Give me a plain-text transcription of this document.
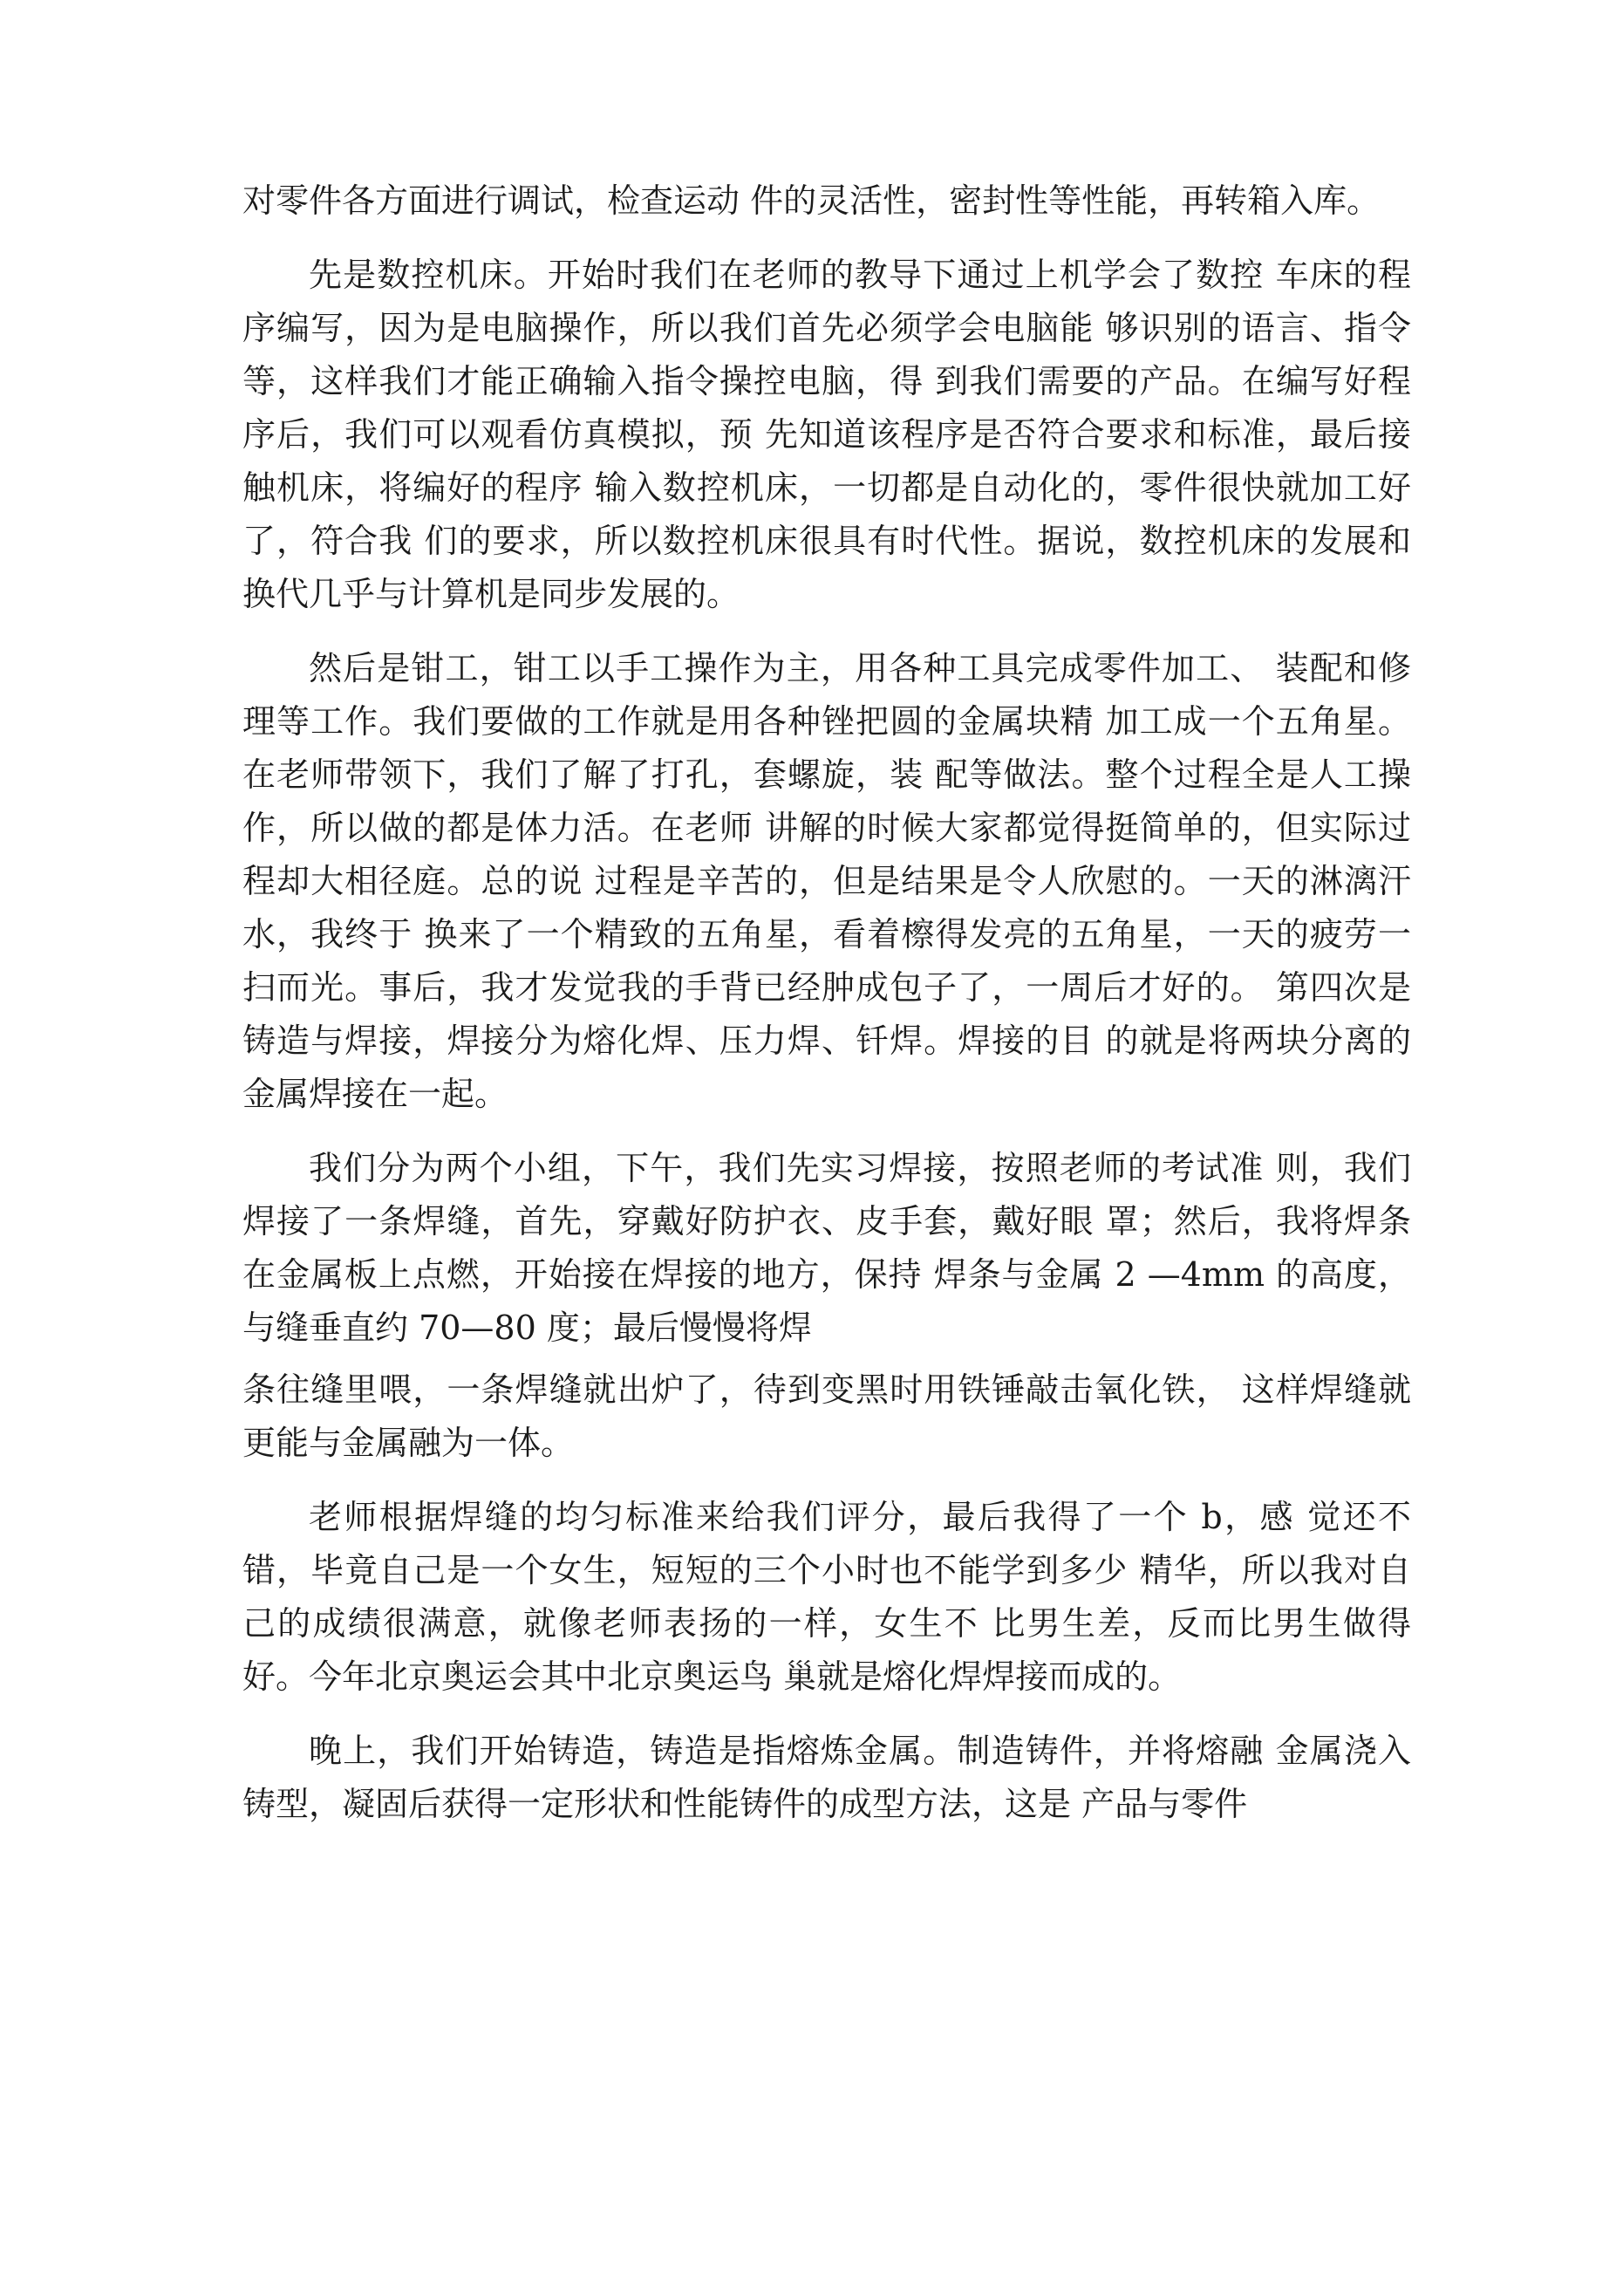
对零件各方面进行调试，检查运动 件的灵活性，密封性等性能，再转箱入库。

先是数控机床。开始时我们在老师的教导下通过上机学会了数控 车床的程序编写，因为是电脑操作，所以我们首先必须学会电脑能 够识别的语言、指令等，这样我们才能正确输入指令操控电脑，得 到我们需要的产品。在编写好程序后，我们可以观看仿真模拟，预 先知道该程序是否符合要求和标准，最后接触机床，将编好的程序 输入数控机床，一切都是自动化的，零件很快就加工好了，符合我 们的要求，所以数控机床很具有时代性。据说，数控机床的发展和 换代几乎与计算机是同步发展的。

然后是钳工，钳工以手工操作为主，用各种工具完成零件加工、 装配和修理等工作。我们要做的工作就是用各种锉把圆的金属块精 加工成一个五角星。在老师带领下，我们了解了打孔，套螺旋，装 配等做法。整个过程全是人工操作，所以做的都是体力活。在老师 讲解的时候大家都觉得挺简单的，但实际过程却大相径庭。总的说 过程是辛苦的，但是结果是令人欣慰的。一天的淋漓汗水，我终于 换来了一个精致的五角星，看着檫得发亮的五角星，一天的疲劳一 扫而光。事后，我才发觉我的手背已经肿成包子了，一周后才好的。 第四次是铸造与焊接，焊接分为熔化焊、压力焊、钎焊。焊接的目 的就是将两块分离的金属焊接在一起。

我们分为两个小组，下午，我们先实习焊接，按照老师的考试准 则，我们焊接了一条焊缝，首先，穿戴好防护衣、皮手套，戴好眼 罩；然后，我将焊条在金属板上点燃，开始接在焊接的地方，保持 焊条与金属 2 —4mm 的高度，与缝垂直约 70—80 度；最后慢慢将焊

条往缝里喂，一条焊缝就出炉了，待到变黑时用铁锤敲击氧化铁， 这样焊缝就更能与金属融为一体。

老师根据焊缝的均匀标准来给我们评分，最后我得了一个 b，感 觉还不错，毕竟自己是一个女生，短短的三个小时也不能学到多少 精华，所以我对自己的成绩很满意，就像老师表扬的一样，女生不 比男生差，反而比男生做得好。今年北京奥运会其中北京奥运鸟 巢就是熔化焊焊接而成的。

晚上，我们开始铸造，铸造是指熔炼金属。制造铸件，并将熔融 金属浇入铸型，凝固后获得一定形状和性能铸件的成型方法，这是 产品与零件
